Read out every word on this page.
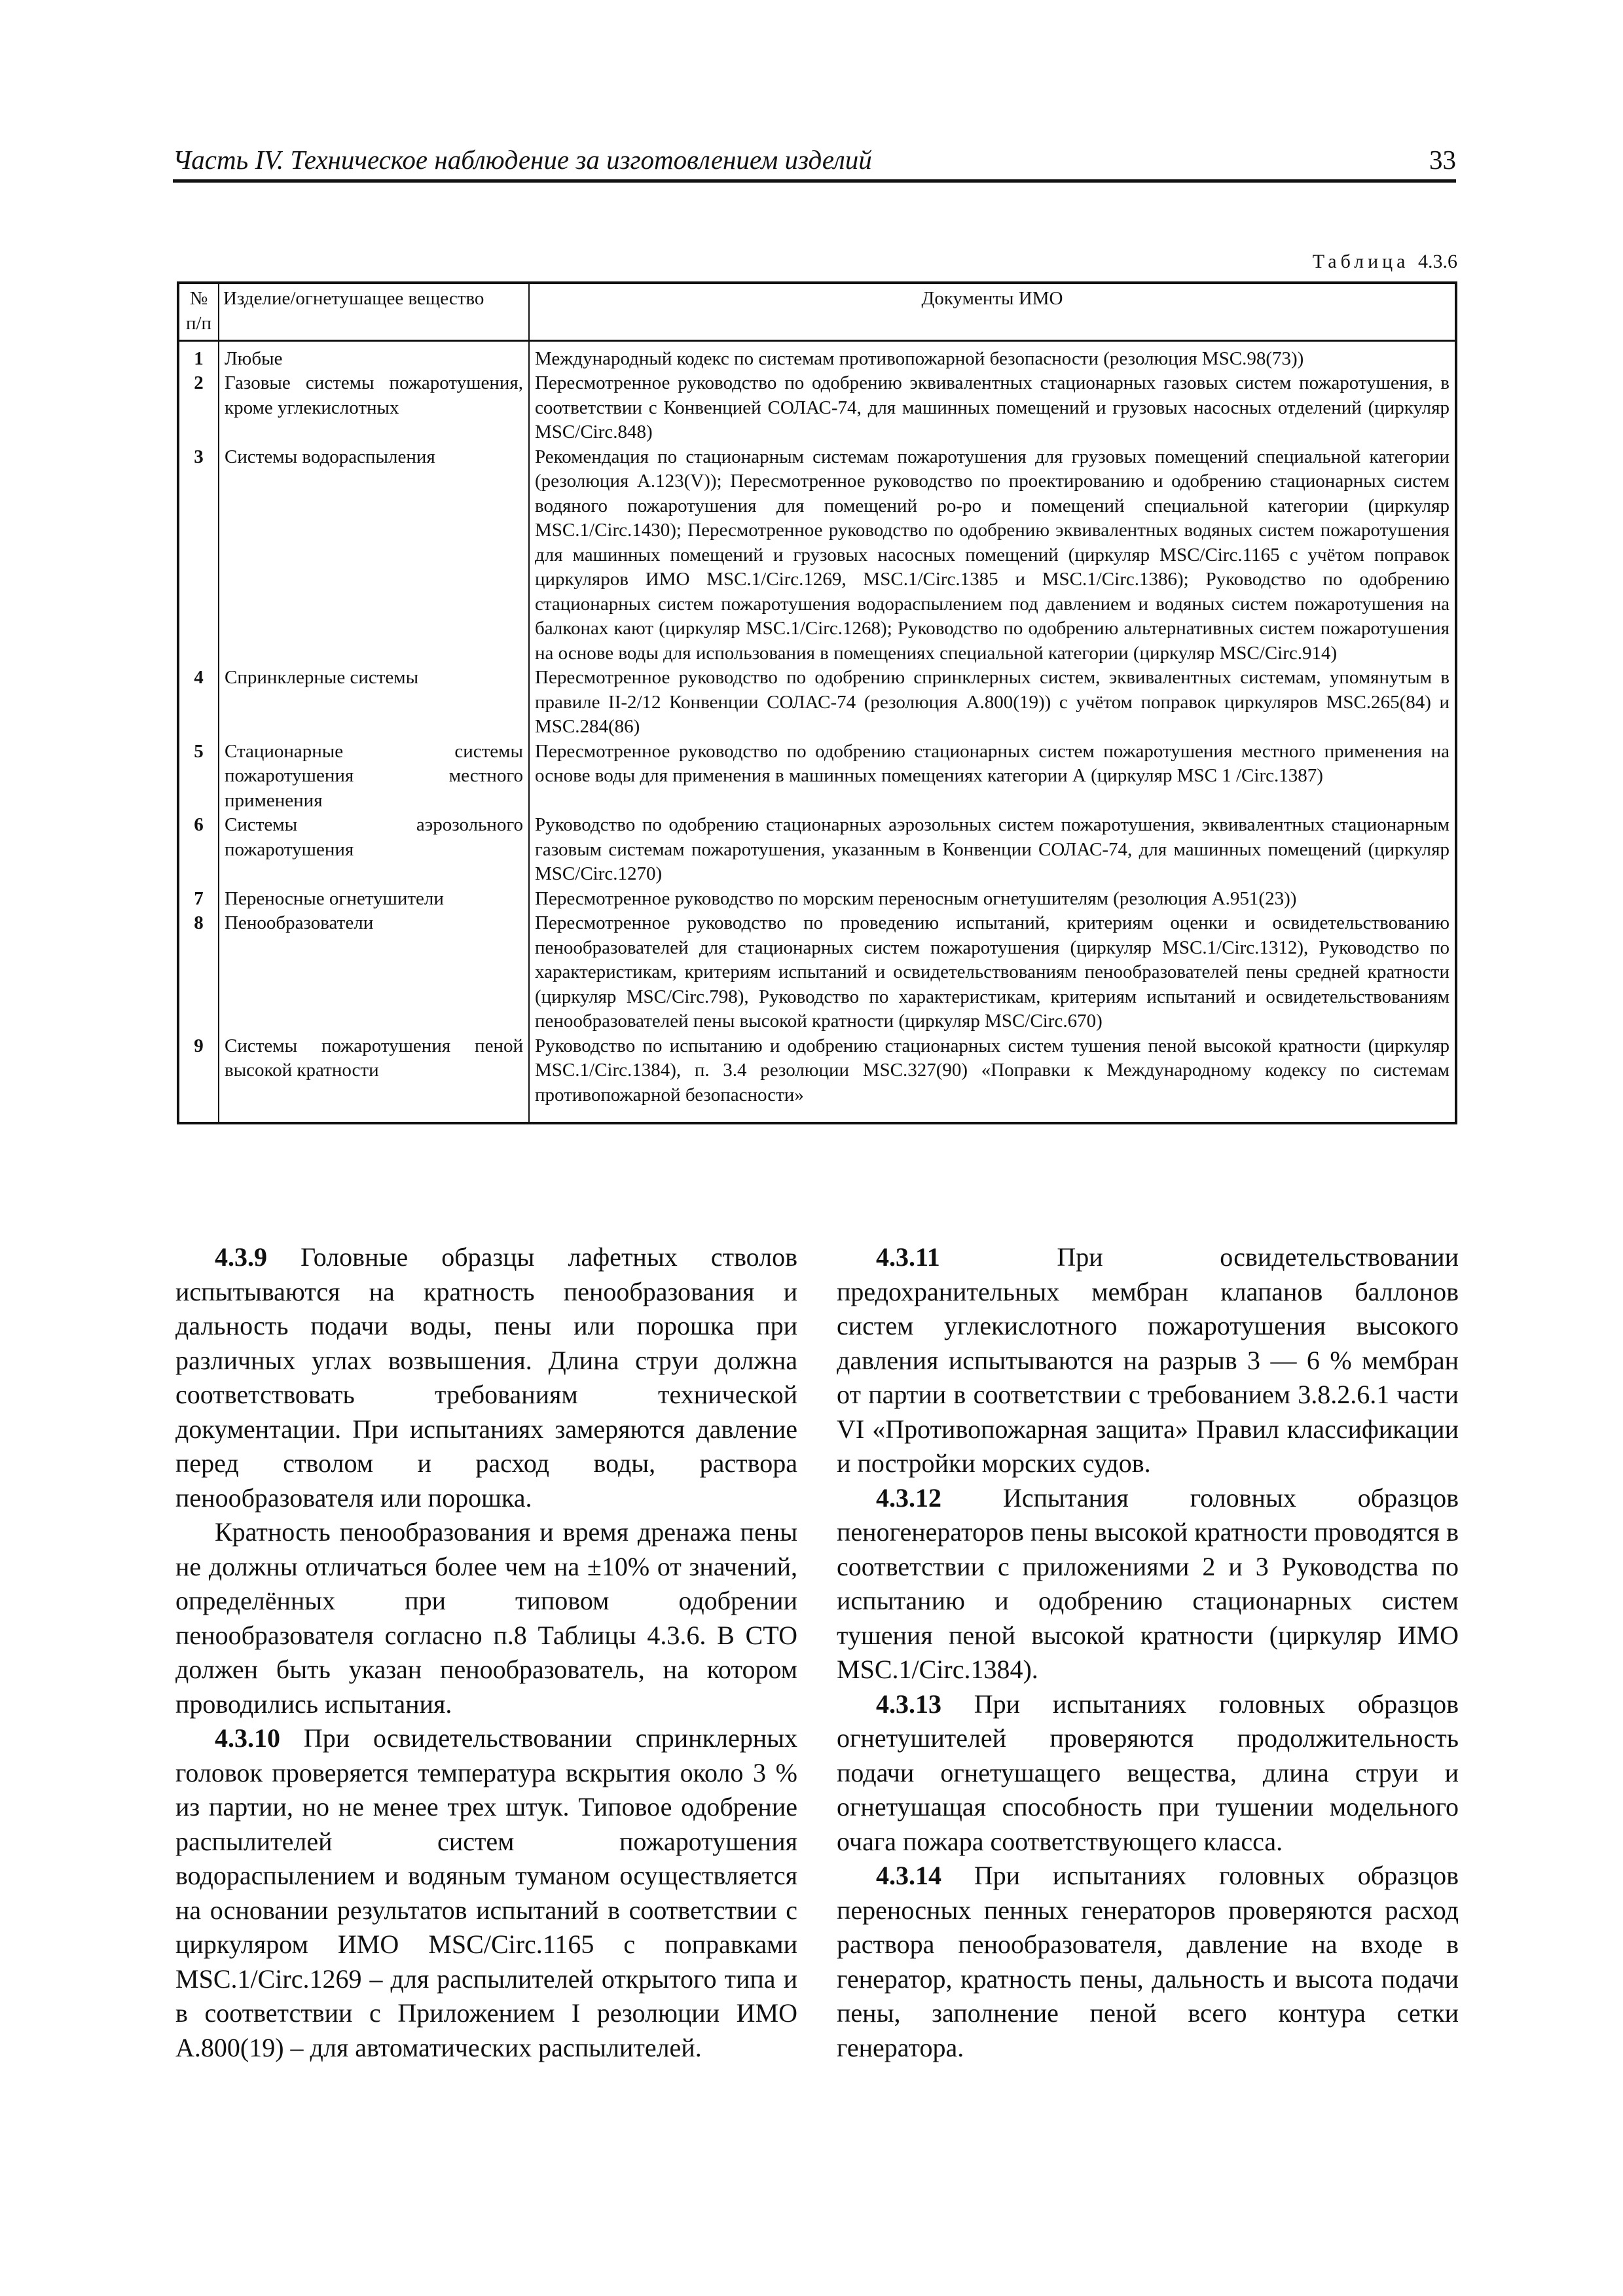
Часть IV. Техническое наблюдение за изготовлением изделий	33
Таблица 4.3.6
№ п/п	Изделие/огнетушащее вещество	Документы ИМО
1	Любые	Международный кодекс по системам противопожарной безопасности (резолюция MSC.98(73))
2	Газовые системы пожаротушения, кроме углекислотных	Пересмотренное руководство по одобрению эквивалентных стационарных газовых систем пожаротушения, в соответствии с Конвенцией СОЛАС-74, для машинных помещений и грузовых насосных отделений (циркуляр MSC/Circ.848)
3	Системы водораспыления	Рекомендация по стационарным системам пожаротушения для грузовых помещений специальной категории (резолюция A.123(V)); Пересмотренное руководство по проектированию и одобрению стационарных систем водяного пожаротушения для помещений ро-ро и помещений специальной категории (циркуляр MSC.1/Circ.1430); Пересмотренное руководство по одобрению эквивалентных водяных систем пожаротушения для машинных помещений и грузовых насосных помещений (циркуляр MSC/Circ.1165 с учётом поправок циркуляров ИМО MSC.1/Circ.1269, MSC.1/Circ.1385 и MSC.1/Circ.1386); Руководство по одобрению стационарных систем пожаротушения водораспылением под давлением и водяных систем пожаротушения на балконах кают (циркуляр MSC.1/Circ.1268); Руководство по одобрению альтернативных систем пожаротушения на основе воды для использования в помещениях специальной категории (циркуляр MSC/Circ.914)
4	Спринклерные системы	Пересмотренное руководство по одобрению спринклерных систем, эквивалентных системам, упомянутым в правиле II-2/12 Конвенции СОЛАС-74 (резолюция A.800(19)) с учётом поправок циркуляров MSC.265(84) и MSC.284(86)
5	Стационарные системы пожаротушения местного применения	Пересмотренное руководство по одобрению стационарных систем пожаротушения местного применения на основе воды для применения в машинных помещениях категории А (циркуляр MSC 1 /Circ.1387)
6	Системы аэрозольного пожаротушения	Руководство по одобрению стационарных аэрозольных систем пожаротушения, эквивалентных стационарным газовым системам пожаротушения, указанным в Конвенции СОЛАС-74, для машинных помещений (циркуляр MSC/Circ.1270)
7	Переносные огнетушители	Пересмотренное руководство по морским переносным огнетушителям (резолюция A.951(23))
8	Пенообразователи	Пересмотренное руководство по проведению испытаний, критериям оценки и освидетельствованию пенообразователей для стационарных систем пожаротушения (циркуляр MSC.1/Circ.1312), Руководство по характеристикам, критериям испытаний и освидетельствованиям пенообразователей пены средней кратности (циркуляр MSC/Circ.798), Руководство по характеристикам, критериям испытаний и освидетельствованиям пенообразователей пены высокой кратности (циркуляр MSC/Circ.670)
9	Системы пожаротушения пеной высокой кратности	Руководство по испытанию и одобрению стационарных систем тушения пеной высокой кратности (циркуляр MSC.1/Circ.1384), п. 3.4 резолюции MSC.327(90) «Поправки к Международному кодексу по системам противопожарной безопасности»

4.3.9 Головные образцы лафетных стволов испытываются на кратность пенообразования и дальность подачи воды, пены или порошка при различных углах возвышения. Длина струи должна соответствовать требованиям технической документации. При испытаниях замеряются давление перед стволом и расход воды, раствора пенообразователя или порошка.

Кратность пенообразования и время дренажа пены не должны отличаться более чем на ±10% от значений, определённых при типовом одобрении пенообразователя согласно п.8 Таблицы 4.3.6. В СТО должен быть указан пенообразователь, на котором проводились испытания.

4.3.10 При освидетельствовании спринклерных головок проверяется температура вскрытия около 3 % из партии, но не менее трех штук. Типовое одобрение распылителей систем пожаротушения водораспылением и водяным туманом осуществляется на основании результатов испытаний в соответствии с циркуляром ИМО MSC/Circ.1165 с поправками MSC.1/Circ.1269 – для распылителей открытого типа и в соответствии с Приложением I резолюции ИМО A.800(19) – для автоматических распылителей.

4.3.11 При освидетельствовании предохранительных мембран клапанов баллонов систем углекислотного пожаротушения высокого давления испытываются на разрыв 3 — 6 % мембран от партии в соответствии с требованием 3.8.2.6.1 части VI «Противопожарная защита» Правил классификации и постройки морских судов.

4.3.12 Испытания головных образцов пеногенераторов пены высокой кратности проводятся в соответствии с приложениями 2 и 3 Руководства по испытанию и одобрению стационарных систем тушения пеной высокой кратности (циркуляр ИМО MSC.1/Circ.1384).

4.3.13 При испытаниях головных образцов огнетушителей проверяются продолжительность подачи огнетушащего вещества, длина струи и огнетушащая способность при тушении модельного очага пожара соответствующего класса.

4.3.14 При испытаниях головных образцов переносных пенных генераторов проверяются расход раствора пенообразователя, давление на входе в генератор, кратность пены, дальность и высота подачи пены, заполнение пеной всего контура сетки генератора.
